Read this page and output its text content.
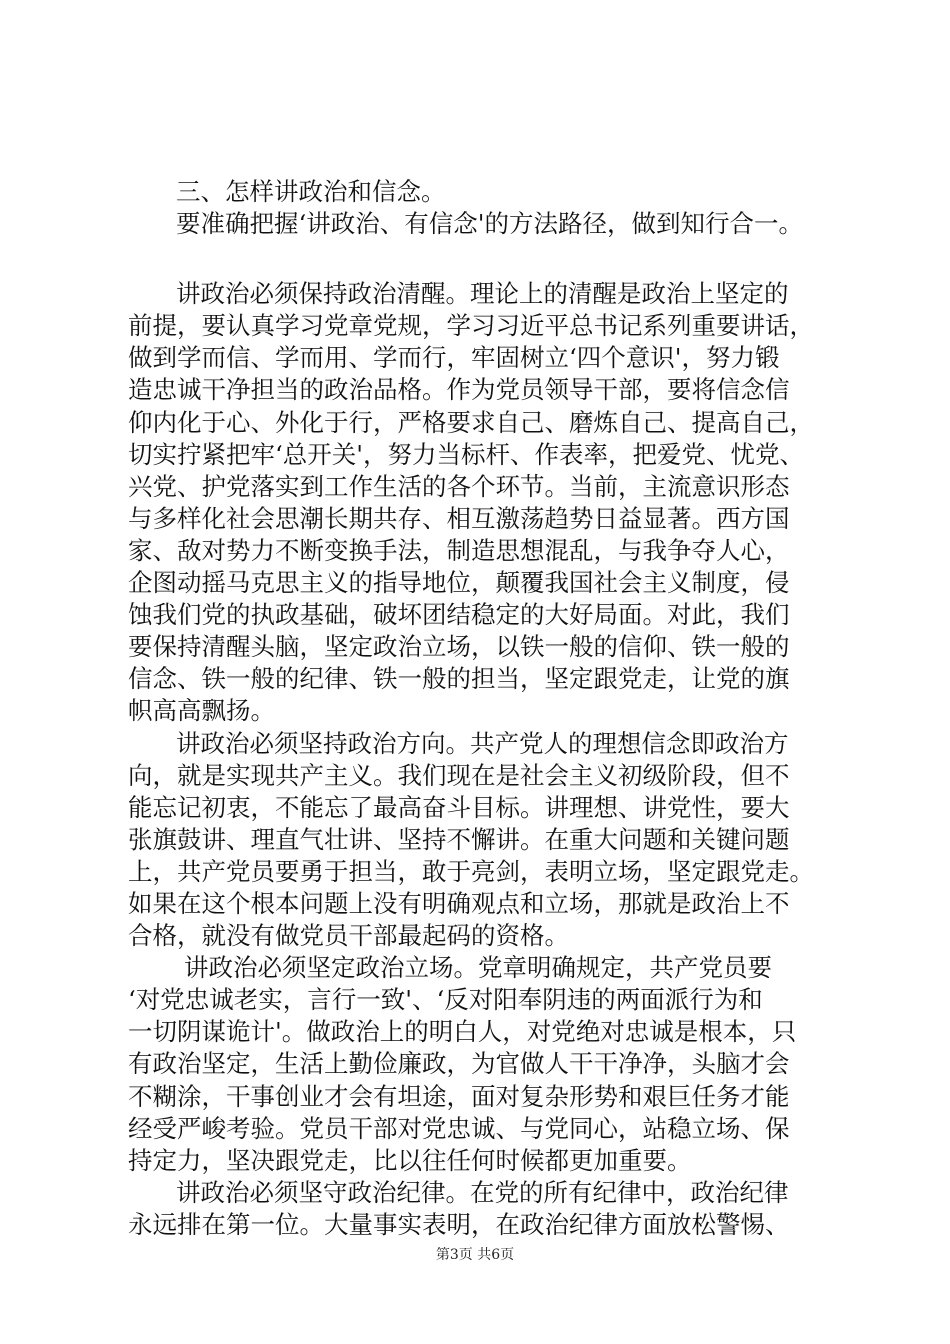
三、怎样讲政治和信念。
要准确把握‘讲政治、有信念'的方法路径，做到知行合一。
讲政治必须保持政治清醒。理论上的清醒是政治上坚定的
前提，要认真学习党章党规，学习习近平总书记系列重要讲话，
做到学而信、学而用、学而行，牢固树立‘四个意识'，努力锻
造忠诚干净担当的政治品格。作为党员领导干部，要将信念信
仰内化于心、外化于行，严格要求自己、磨炼自己、提高自己，
切实拧紧把牢‘总开关'，努力当标杆、作表率，把爱党、忧党、
兴党、护党落实到工作生活的各个环节。当前，主流意识形态
与多样化社会思潮长期共存、相互激荡趋势日益显著。西方国
家、敌对势力不断变换手法，制造思想混乱，与我争夺人心，
企图动摇马克思主义的指导地位，颠覆我国社会主义制度，侵
蚀我们党的执政基础，破坏团结稳定的大好局面。对此，我们
要保持清醒头脑，坚定政治立场，以铁一般的信仰、铁一般的
信念、铁一般的纪律、铁一般的担当，坚定跟党走，让党的旗
帜高高飘扬。
讲政治必须坚持政治方向。共产党人的理想信念即政治方
向，就是实现共产主义。我们现在是社会主义初级阶段，但不
能忘记初衷，不能忘了最高奋斗目标。讲理想、讲党性，要大
张旗鼓讲、理直气壮讲、坚持不懈讲。在重大问题和关键问题
上，共产党员要勇于担当，敢于亮剑，表明立场，坚定跟党走。
如果在这个根本问题上没有明确观点和立场，那就是政治上不
合格，就没有做党员干部最起码的资格。
讲政治必须坚定政治立场。党章明确规定，共产党员要
‘对党忠诚老实，言行一致'、‘反对阳奉阴违的两面派行为和
一切阴谋诡计'。做政治上的明白人，对党绝对忠诚是根本，只
有政治坚定，生活上勤俭廉政，为官做人干干净净，头脑才会
不糊涂，干事创业才会有坦途，面对复杂形势和艰巨任务才能
经受严峻考验。党员干部对党忠诚、与党同心，站稳立场、保
持定力，坚决跟党走，比以往任何时候都更加重要。
讲政治必须坚守政治纪律。在党的所有纪律中，政治纪律
永远排在第一位。大量事实表明，在政治纪律方面放松警惕、
第3页 共6页
